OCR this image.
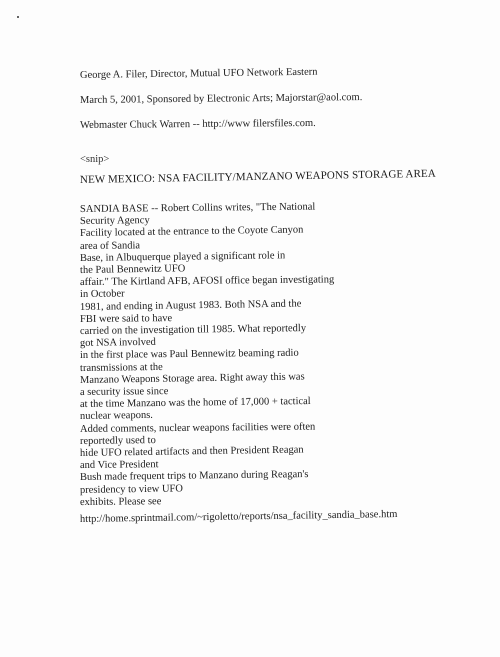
George A. Filer, Director, Mutual UFO Network Eastern
March 5, 2001, Sponsored by Electronic Arts; Majorstar@aol.com.
Webmaster Chuck Warren -- http://www filersfiles.com.
<snip>
NEW MEXICO: NSA FACILITY/MANZANO WEAPONS STORAGE AREA
SANDIA BASE -- Robert Collins writes, "The National
Security Agency
Facility located at the entrance to the Coyote Canyon
area of Sandia
Base, in Albuquerque played a significant role in
the Paul Bennewitz UFO
affair." The Kirtland AFB, AFOSI office began investigating
in October
1981, and ending in August 1983. Both NSA and the
FBI were said to have
carried on the investigation till 1985. What reportedly
got NSA involved
in the first place was Paul Bennewitz beaming radio
transmissions at the
Manzano Weapons Storage area. Right away this was
a security issue since
at the time Manzano was the home of 17,000 + tactical
nuclear weapons.
Added comments, nuclear weapons facilities were often
reportedly used to
hide UFO related artifacts and then President Reagan
and Vice President
Bush made frequent trips to Manzano during Reagan's
presidency to view UFO
exhibits. Please see
http://home.sprintmail.com/~rigoletto/reports/nsa_facility_sandia_base.htm
